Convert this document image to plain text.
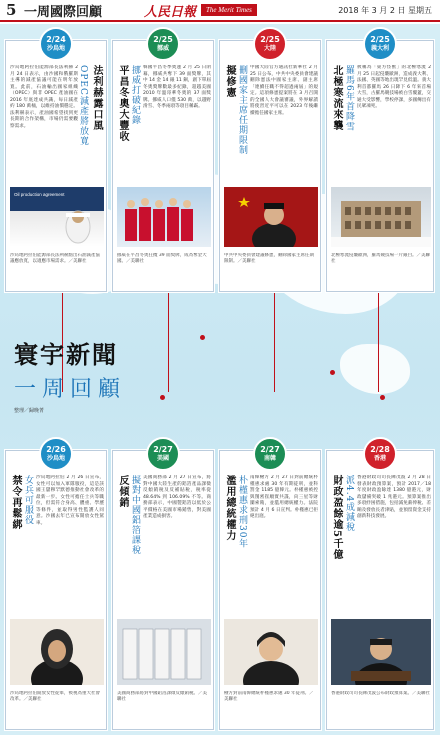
5 一周國際回顧	人民日報	The Merit Times	2018 年 3 月 2 日 星期五
2/24
沙烏地
法利赫露口風
OPEC減產將放寬
沙烏地阿拉伯能源部長法利赫 2 月 24 日表示，由沙國和俄羅斯主導的減產協議可能在明年放寬。此前，石油輸出國家組織（OPEC）與非 OPEC 產油國在 2016 年底達成共識，每日減產約 180 萬桶，以維持油價穩定。法利赫表示，產油國希望找到更長期的合作架構，市場仍需要觀察需求。
Oil production agreement
沙烏地阿拉伯能源部長法利赫點出石油減產協議應放寬，以適應市場需求。／美聯社
2/25
挪威
平昌冬奧大豐收 挪威打破紀錄 韓國平昌冬季奧運 2 月 25 日閉幕，挪威共奪下 39 面獎牌，其中 14 金 14 銀 11 銅，創下單屆冬奧獎牌數最多紀錄，超越美國 2010 年溫哥華冬奧的 37 面獎牌。挪威人口僅 530 萬，以越野滑雪、冬季兩項等項目稱霸。
挪威在平昌冬奧狂攬 39 面獎牌，成為奪金大國。／美聯社
2/25
大陸
擬修憲 刪國家主席任期限制 中國大陸官方通訊社新華社 2 月 25 日公布，中共中央委員會建議刪除憲法中國家主席、副主席「連續任職不得超過兩屆」的規定。這項修憲提案將在 3 月召開的全國人大會議審議，外界解讀將使習近平可以在 2023 年後繼續擔任國家主席。
中共中央委員會建議修憲，刪除國家主席任期限制。／美聯社
2/25
義大利
北極寒流來襲 羅馬6年首降雪 被稱為「東方怪獸」的北極寒流 2 月 25 日起侵襲歐洲，造成義大利、法國、英國等地出現罕見低溫。義大利首都羅馬 26 日降下 6 年來首場大雪，古羅馬競技場被白雪覆蓋，交通大受影響，學校停課，多國傳出有民眾凍死。
北極寒流侵襲歐洲，羅馬競技場一片銀白。／美聯社
寰宇新聞
一周回顧
整理／歸晚菁
2/26
沙烏地
禁令再鬆綁 女兵可服役 沙烏地阿拉伯 2 月 26 日宣布，女性可以加入軍隊服役，這是該國王儲穆罕默德推動社會改革的最新一步。女性可擔任士兵等職位，但需符合身高、體重、學歷等條件，並取得男性監護人同意。沙國去年已宣布開放女性駕車。
沙烏地阿拉伯開放女性從軍，被視為重大社會改革。／美聯社
2/27
美國
反傾銷 擬對中國鋁箔課稅 美國商務部 2 月 27 日宣布，將對中國大陸生產的鋁箔產品課徵反傾銷稅及反補貼稅，稅率從 48.64% 到 106.09% 不等。商務部表示，中國製鋁箔以低於公平價格在美國市場銷售，對美國產業造成損害。
美國商務部將對中國鋁箔課徵反傾銷稅。／美聯社
2/27
南韓
濫用總統權力 朴槿惠求刑30年 南韓檢方 2 月 27 日對前總統朴槿惠求處 30 年有期徒刑，並科罰金 1185 億韓元。朴槿惠被控與閨密崔順實共謀，向三星等財團索賄，並濫用總統權力。法院預計 4 月 6 日宣判。朴槿惠已拒絕出庭。
檢方對前南韓總統朴槿惠求處 30 年徒刑。／美聯社
2/28
香港
財政盈餘逾5千億 派4.4成減稅 香港財政司司長陳茂波 2 月 28 日發表財政預算案，預計 2017／18 年度財政盈餘達 1380 億港元，財政儲備突破 1 兆港元。預算案推出多項紓困措施，包括減免薪俸稅、差餉及發放長者津貼，並預留資金支持創新科技發展。
香港財政司司長陳茂波公布財政預算案。／美聯社
